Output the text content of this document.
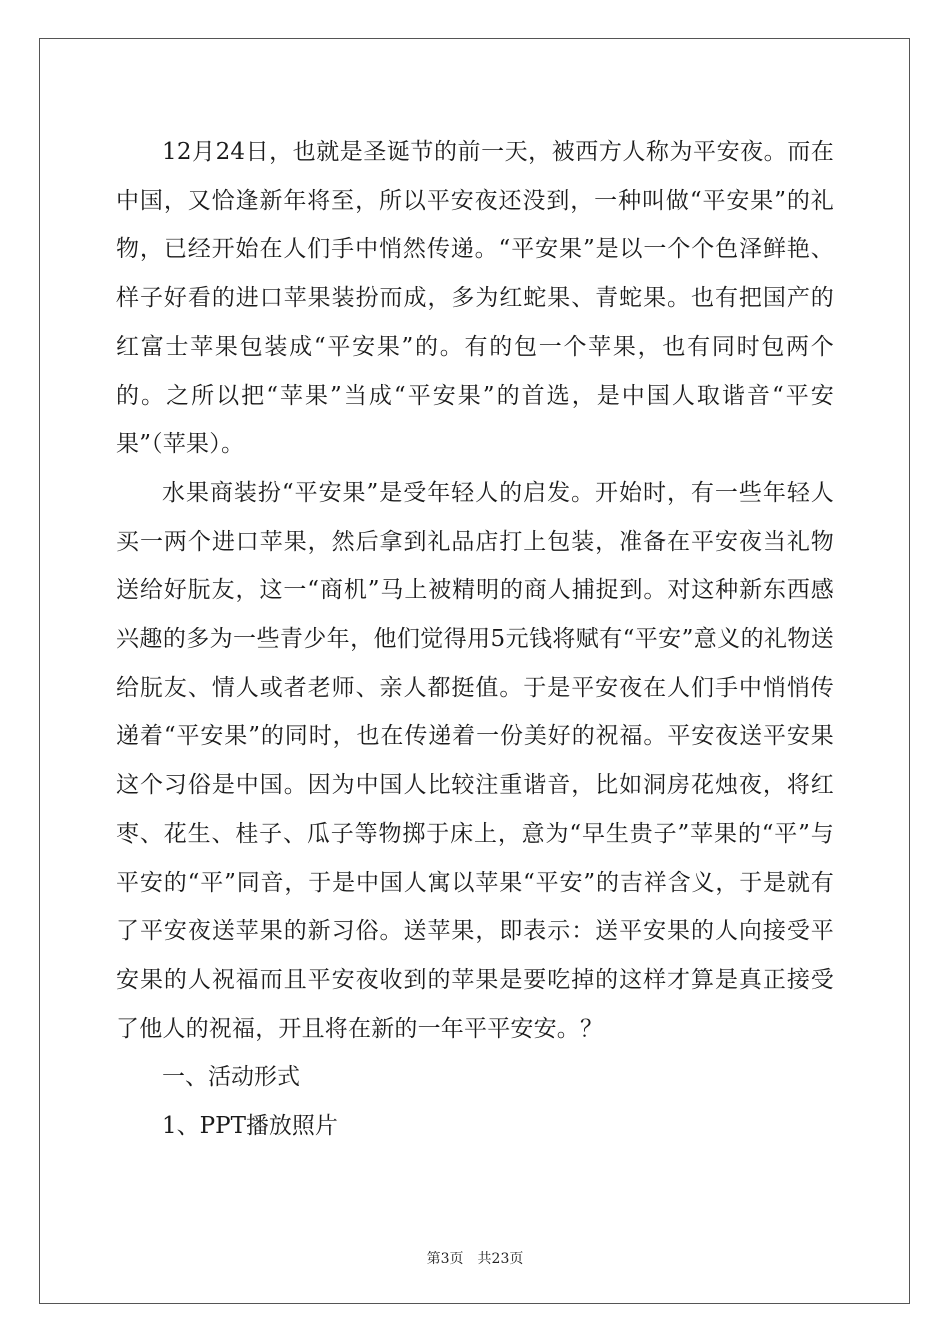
12月24日，也就是圣诞节的前一天，被西方人称为平安夜。而在中国，又恰逢新年将至，所以平安夜还没到，一种叫做“平安果”的礼物，已经开始在人们手中悄然传递。“平安果”是以一个个色泽鲜艳、样子好看的进口苹果装扮而成，多为红蛇果、青蛇果。也有把国产的红富士苹果包装成“平安果”的。有的包一个苹果，也有同时包两个的。之所以把“苹果”当成“平安果”的首选，是中国人取谐音“平安果”（苹果）。

水果商装扮“平安果”是受年轻人的启发。开始时，有一些年轻人买一两个进口苹果，然后拿到礼品店打上包装，准备在平安夜当礼物送给好朊友，这一“商机”马上被精明的商人捕捉到。对这种新东西感兴趣的多为一些青少年，他们觉得用5元钱将赋有“平安”意义的礼物送给朊友、情人或者老师、亲人都挺值。于是平安夜在人们手中悄悄传递着“平安果”的同时，也在传递着一份美好的祝福。平安夜送平安果这个习俗是中国。因为中国人比较注重谐音，比如洞房花烛夜，将红枣、花生、桂子、瓜子等物掷于床上，意为“早生贵子”苹果的“平”与平安的“平”同音，于是中国人寓以苹果“平安”的吉祥含义，于是就有了平安夜送苹果的新习俗。送苹果，即表示：送平安果的人向接受平安果的人祝福而且平安夜收到的苹果是要吃掉的这样才算是真正接受了他人的祝福，开且将在新的一年平平安安。？

一、活动形式

1、PPT播放照片

第3页 共23页
